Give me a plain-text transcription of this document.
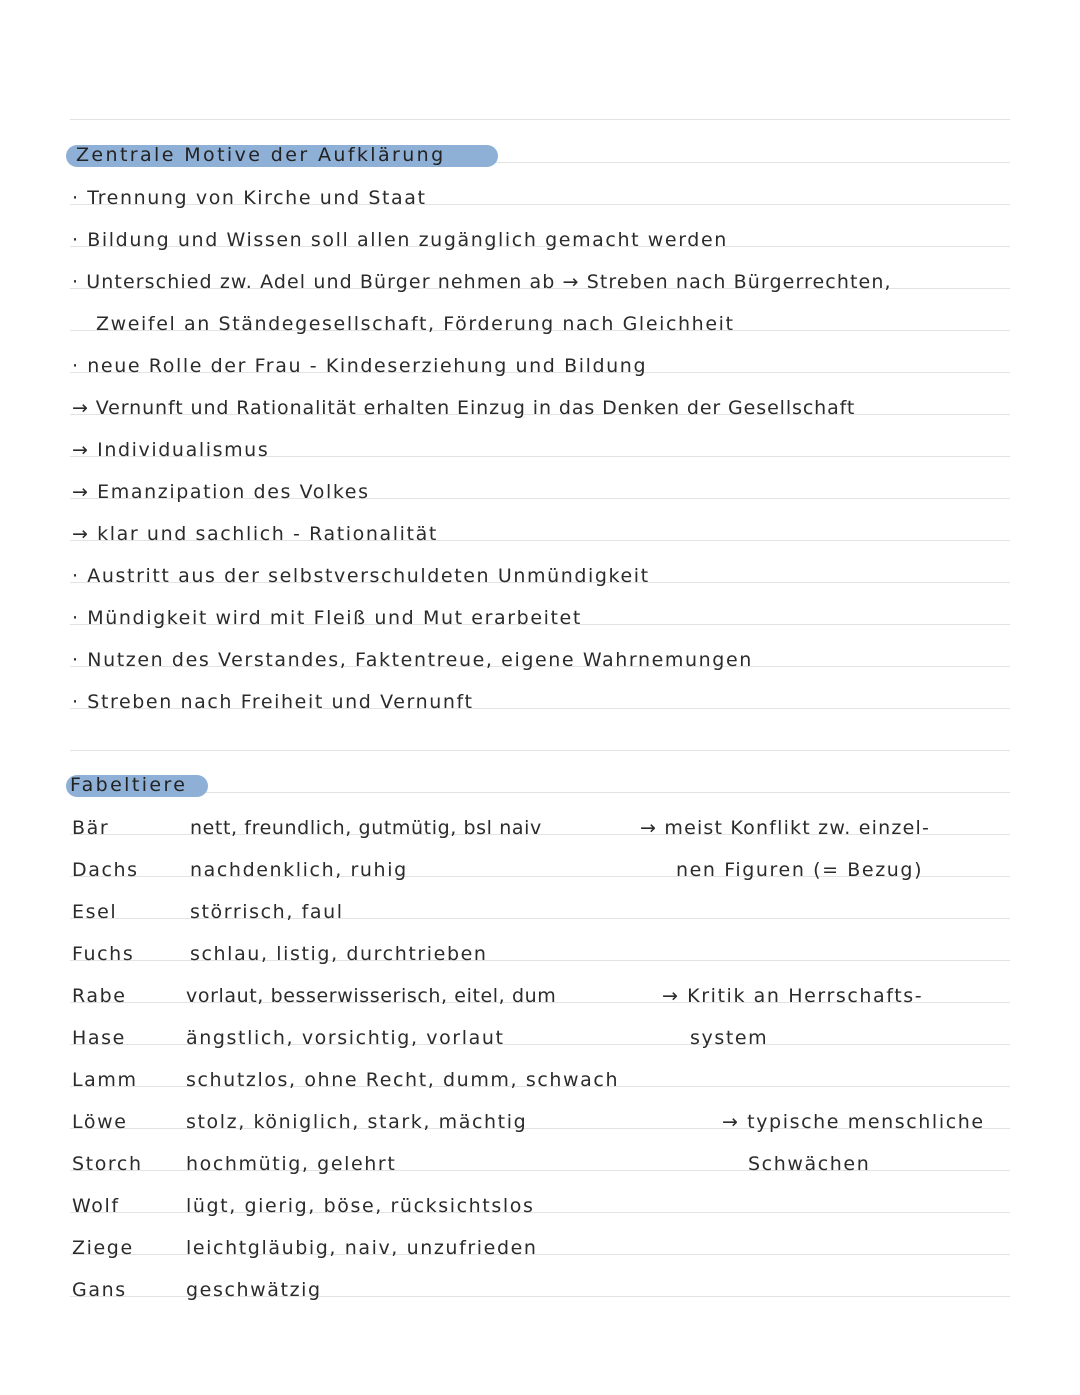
Zentrale Motive der Aufklärung
· Trennung von Kirche und Staat
· Bildung und Wissen soll allen zugänglich gemacht werden
· Unterschied zw. Adel und Bürger nehmen ab → Streben nach Bürgerrechten,
Zweifel an Ständegesellschaft, Förderung nach Gleichheit
· neue Rolle der Frau - Kindeserziehung und Bildung
→ Vernunft und Rationalität erhalten Einzug in das Denken der Gesellschaft
→ Individualismus
→ Emanzipation des Volkes
→ klar und sachlich - Rationalität
· Austritt aus der selbstverschuldeten Unmündigkeit
· Mündigkeit wird mit Fleiß und Mut erarbeitet
· Nutzen des Verstandes, Faktentreue, eigene Wahrnemungen
· Streben nach Freiheit und Vernunft
Fabeltiere
Bär
Dachs
Esel
Fuchs
Rabe
Hase
Lamm
Löwe
Storch
Wolf
Ziege
Gans
nett, freundlich, gutmütig, bsl naiv
nachdenklich, ruhig
störrisch, faul
schlau, listig, durchtrieben
vorlaut, besserwisserisch, eitel, dum
ängstlich, vorsichtig, vorlaut
schutzlos, ohne Recht, dumm, schwach
stolz, königlich, stark, mächtig
hochmütig, gelehrt
lügt, gierig, böse, rücksichtslos
leichtgläubig, naiv, unzufrieden
geschwätzig
→ meist Konflikt zw. einzel-
nen Figuren (= Bezug)
→ Kritik an Herrschafts-
system
→ typische menschliche
Schwächen
